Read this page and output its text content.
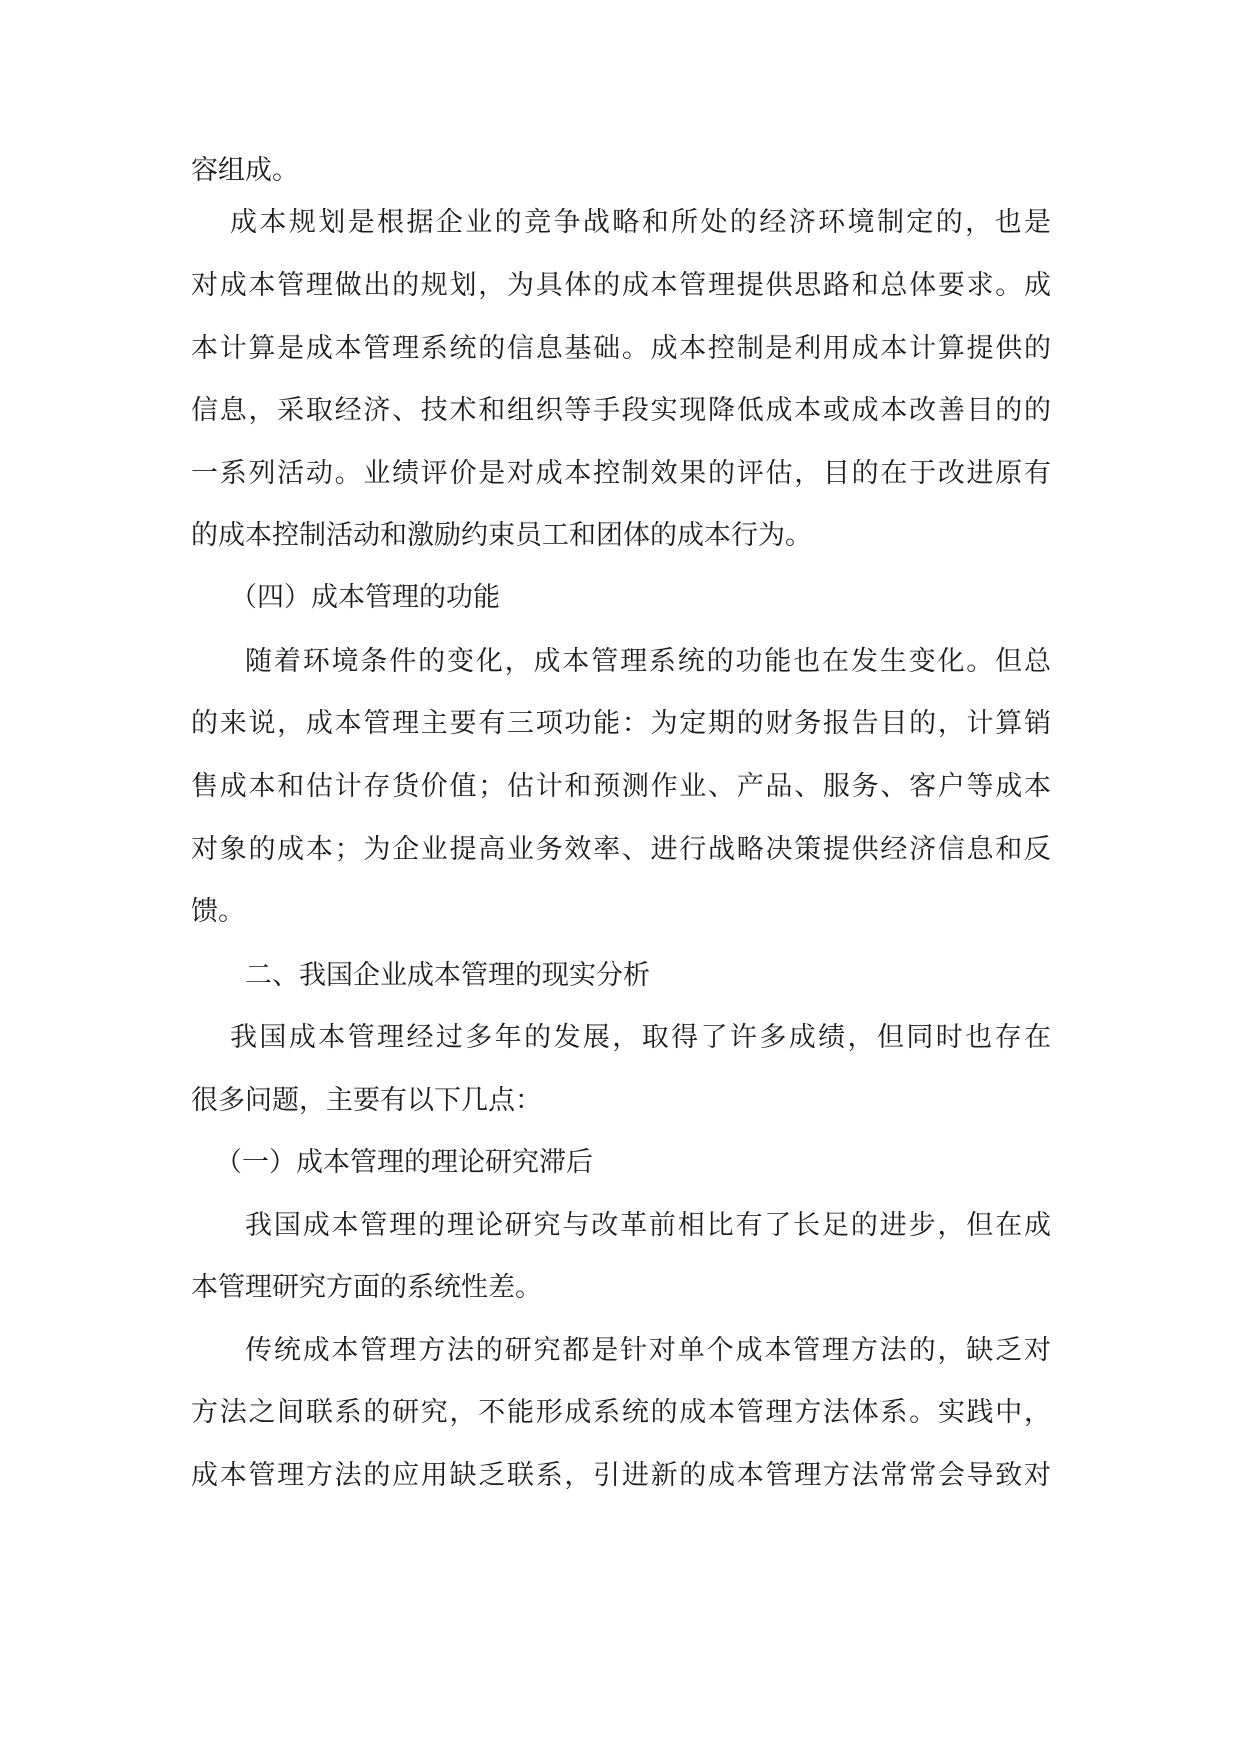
容组成。
成本规划是根据企业的竞争战略和所处的经济环境制定的，也是
对成本管理做出的规划，为具体的成本管理提供思路和总体要求。成
本计算是成本管理系统的信息基础。成本控制是利用成本计算提供的
信息，采取经济、技术和组织等手段实现降低成本或成本改善目的的
一系列活动。业绩评价是对成本控制效果的评估，目的在于改进原有
的成本控制活动和激励约束员工和团体的成本行为。
（四）成本管理的功能
随着环境条件的变化，成本管理系统的功能也在发生变化。但总
的来说，成本管理主要有三项功能：为定期的财务报告目的，计算销
售成本和估计存货价值；估计和预测作业、产品、服务、客户等成本
对象的成本；为企业提高业务效率、进行战略决策提供经济信息和反
馈。
二、我国企业成本管理的现实分析
我国成本管理经过多年的发展，取得了许多成绩，但同时也存在
很多问题，主要有以下几点：
（一）成本管理的理论研究滞后
我国成本管理的理论研究与改革前相比有了长足的进步，但在成
本管理研究方面的系统性差。
传统成本管理方法的研究都是针对单个成本管理方法的，缺乏对
方法之间联系的研究，不能形成系统的成本管理方法体系。实践中，
成本管理方法的应用缺乏联系，引进新的成本管理方法常常会导致对
